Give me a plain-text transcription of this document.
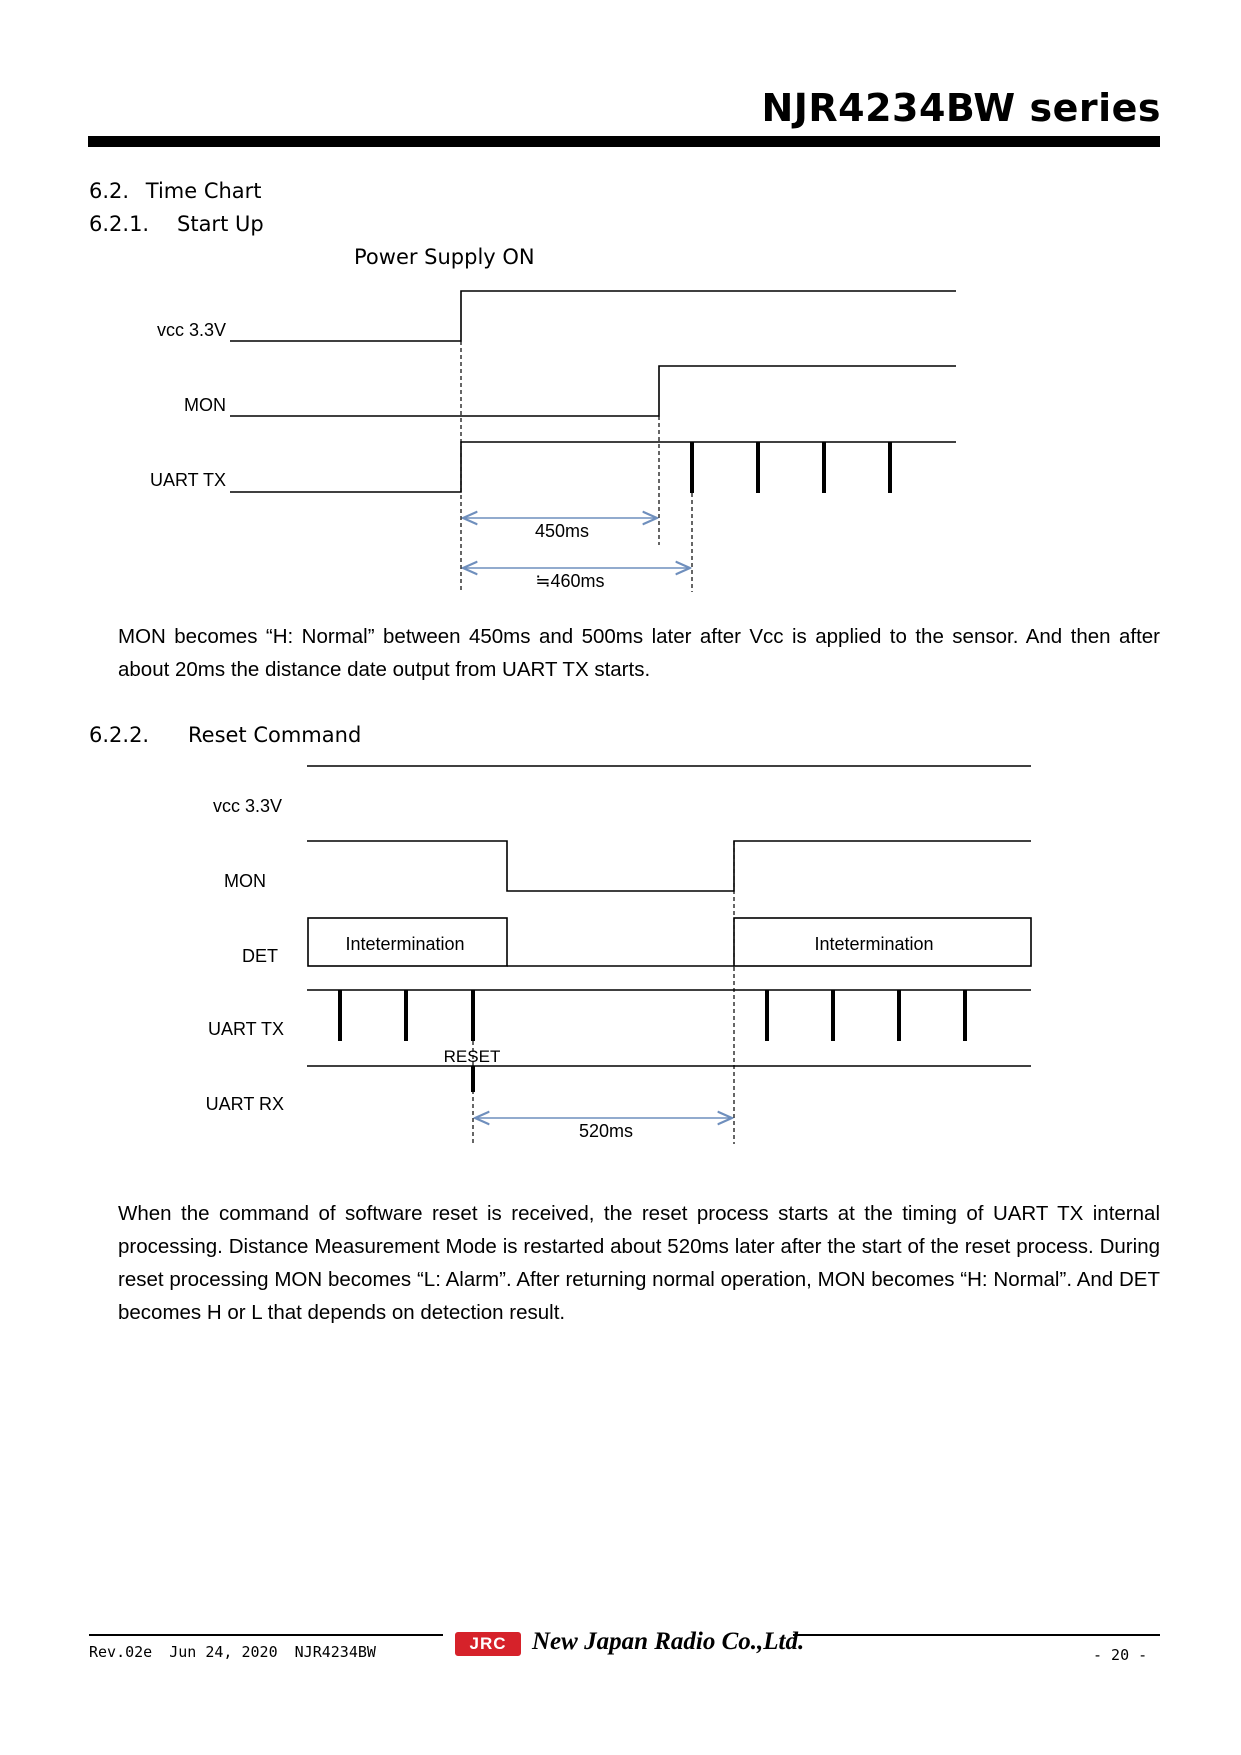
NJR4234BW series
6.2. Time Chart
6.2.1. Start Up
Power Supply ON
vcc 3.3V
MON
UART TX
450ms
≒460ms

MON becomes “H: Normal” between 450ms and 500ms later after Vcc is applied to the sensor. And then after about 20ms the distance date output from UART TX starts.

6.2.2. Reset Command
vcc 3.3V
MON
DET
UART TX
UART RX
Intetermination	Intetermination
RESET
520ms

When the command of software reset is received, the reset process starts at the timing of UART TX internal processing. Distance Measurement Mode is restarted about 520ms later after the start of the reset process. During reset processing MON becomes “L: Alarm”. After returning normal operation, MON becomes “H: Normal”. And DET becomes H or L that depends on detection result.

Rev.02e Jun 24, 2020 NJR4234BW	JRC	New Japan Radio Co.,Ltd.	- 20 -
